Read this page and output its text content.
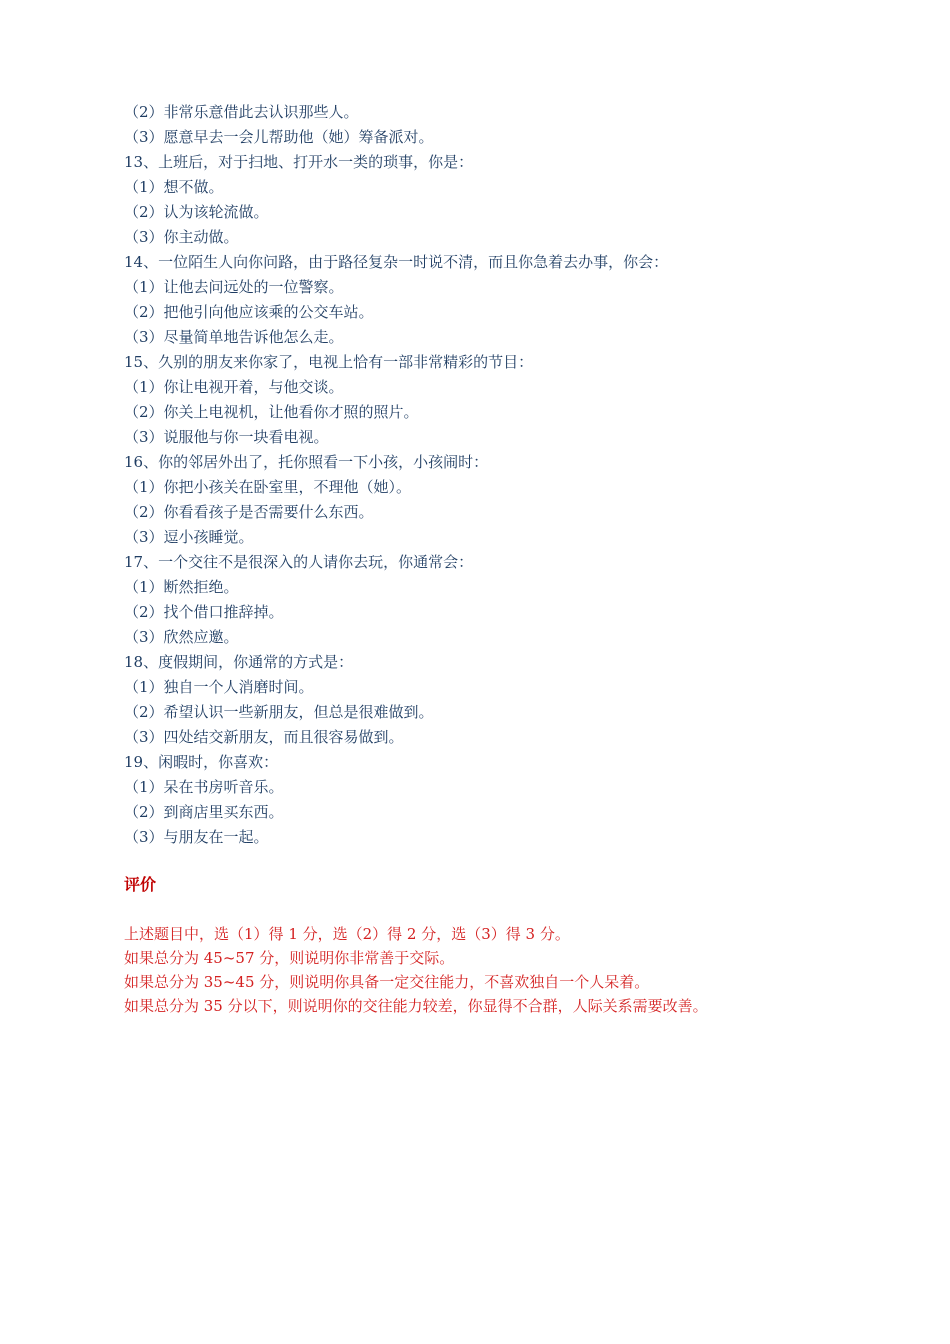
（2）非常乐意借此去认识那些人。
（3）愿意早去一会儿帮助他（她）筹备派对。
13、上班后，对于扫地、打开水一类的琐事，你是：
（1）想不做。
（2）认为该轮流做。
（3）你主动做。
14、一位陌生人向你问路，由于路径复杂一时说不清，而且你急着去办事，你会：
（1）让他去问远处的一位警察。
（2）把他引向他应该乘的公交车站。
（3）尽量简单地告诉他怎么走。
15、久别的朋友来你家了，电视上恰有一部非常精彩的节目：
（1）你让电视开着，与他交谈。
（2）你关上电视机，让他看你才照的照片。
（3）说服他与你一块看电视。
16、你的邻居外出了，托你照看一下小孩，小孩闹时：
（1）你把小孩关在卧室里，不理他（她）。
（2）你看看孩子是否需要什么东西。
（3）逗小孩睡觉。
17、一个交往不是很深入的人请你去玩，你通常会：
（1）断然拒绝。
（2）找个借口推辞掉。
（3）欣然应邀。
18、度假期间，你通常的方式是：
（1）独自一个人消磨时间。
（2）希望认识一些新朋友，但总是很难做到。
（3）四处结交新朋友，而且很容易做到。
19、闲暇时，你喜欢：
（1）呆在书房听音乐。
（2）到商店里买东西。
（3）与朋友在一起。
评价
上述题目中，选（1）得 1 分，选（2）得 2 分，选（3）得 3 分。
如果总分为 45~57 分，则说明你非常善于交际。
如果总分为 35~45 分，则说明你具备一定交往能力，不喜欢独自一个人呆着。
如果总分为 35 分以下，则说明你的交往能力较差，你显得不合群，人际关系需要改善。
